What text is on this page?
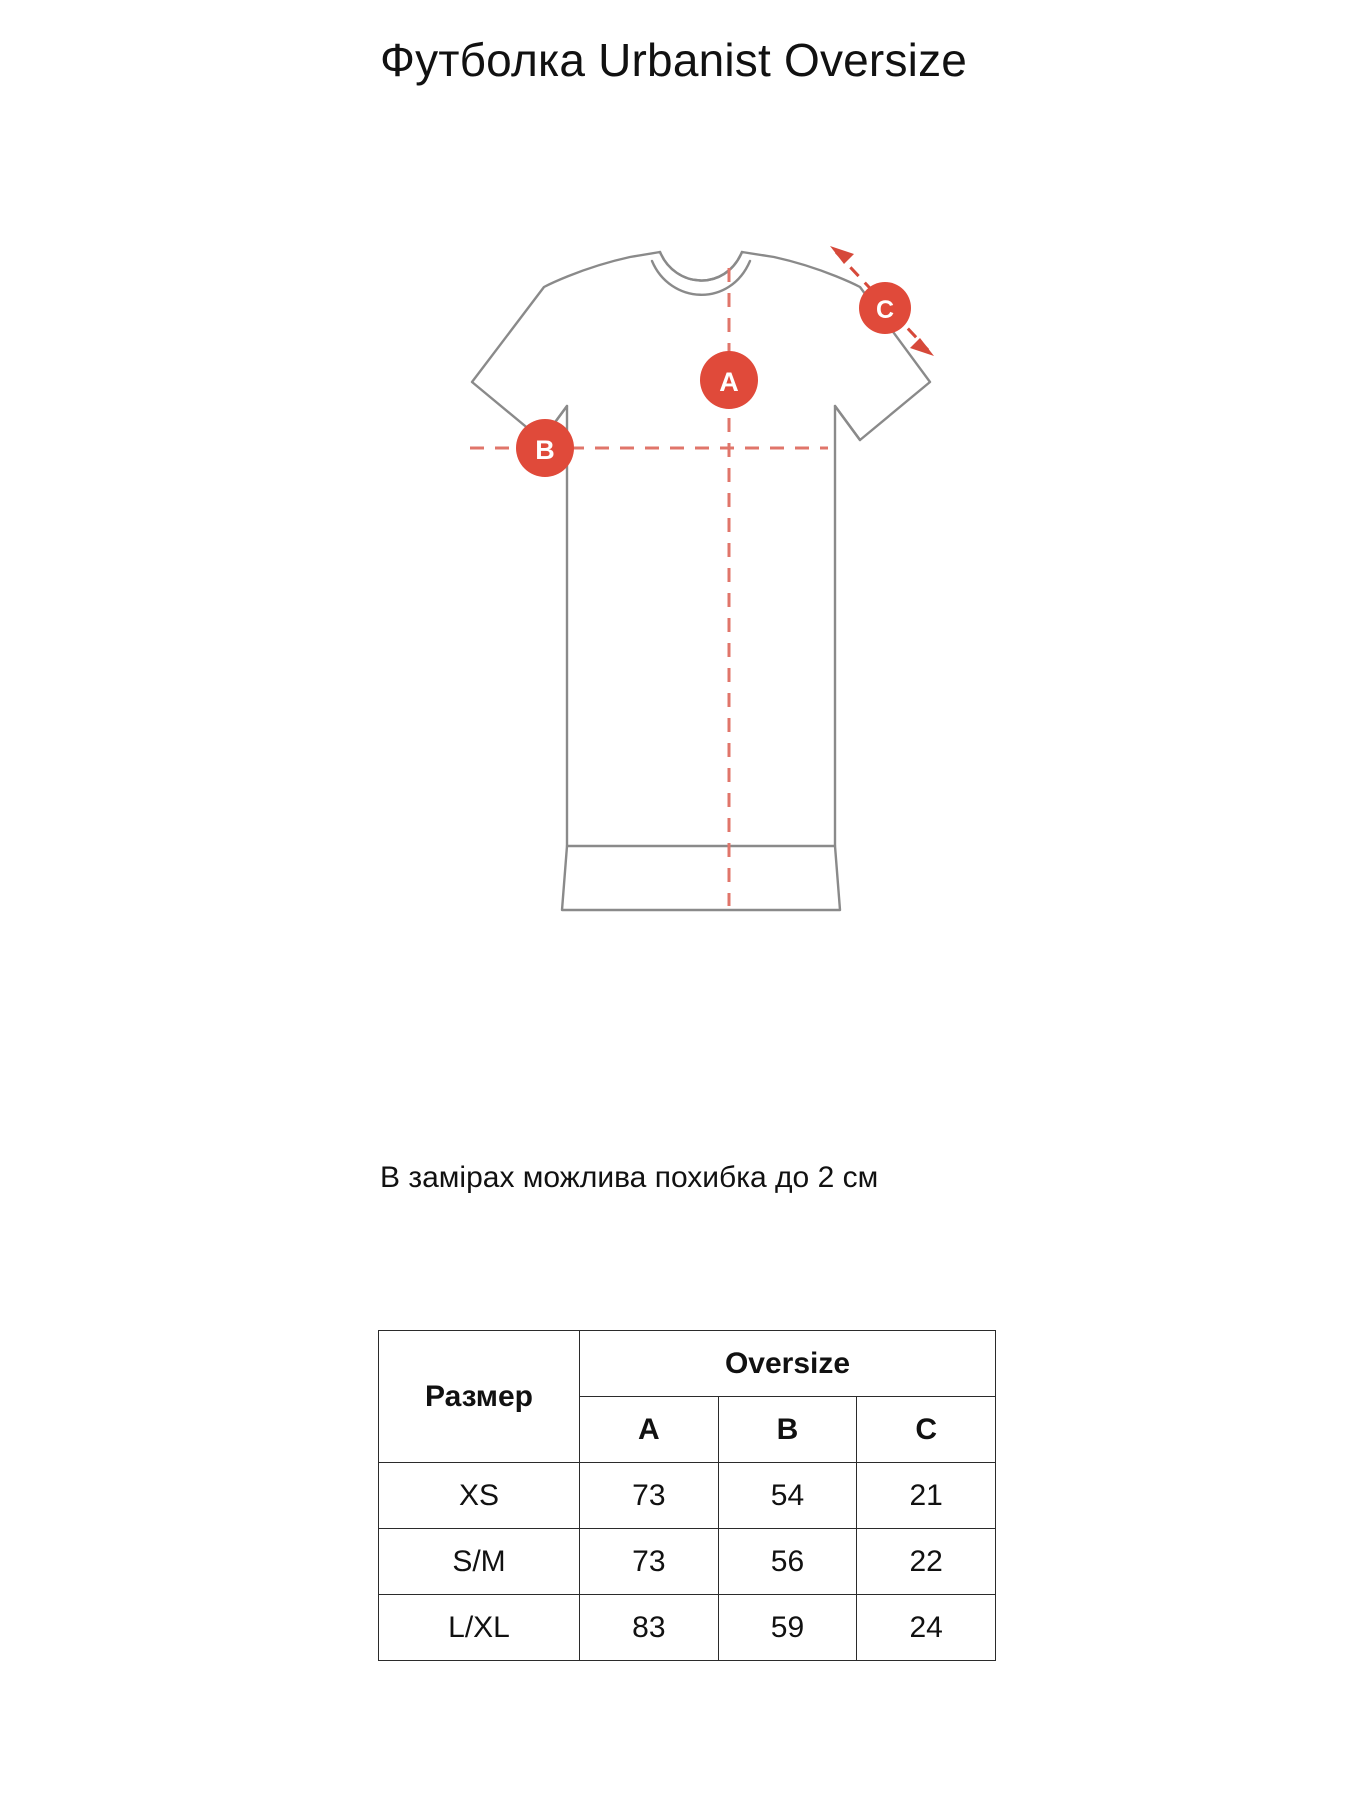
Футболка Urbanist Oversize
A
B
C
В замірах можлива похибка до 2 см
Размер	Oversize		
	A	B	C
XS	73	54	21
S/M	73	56	22
L/XL	83	59	24
